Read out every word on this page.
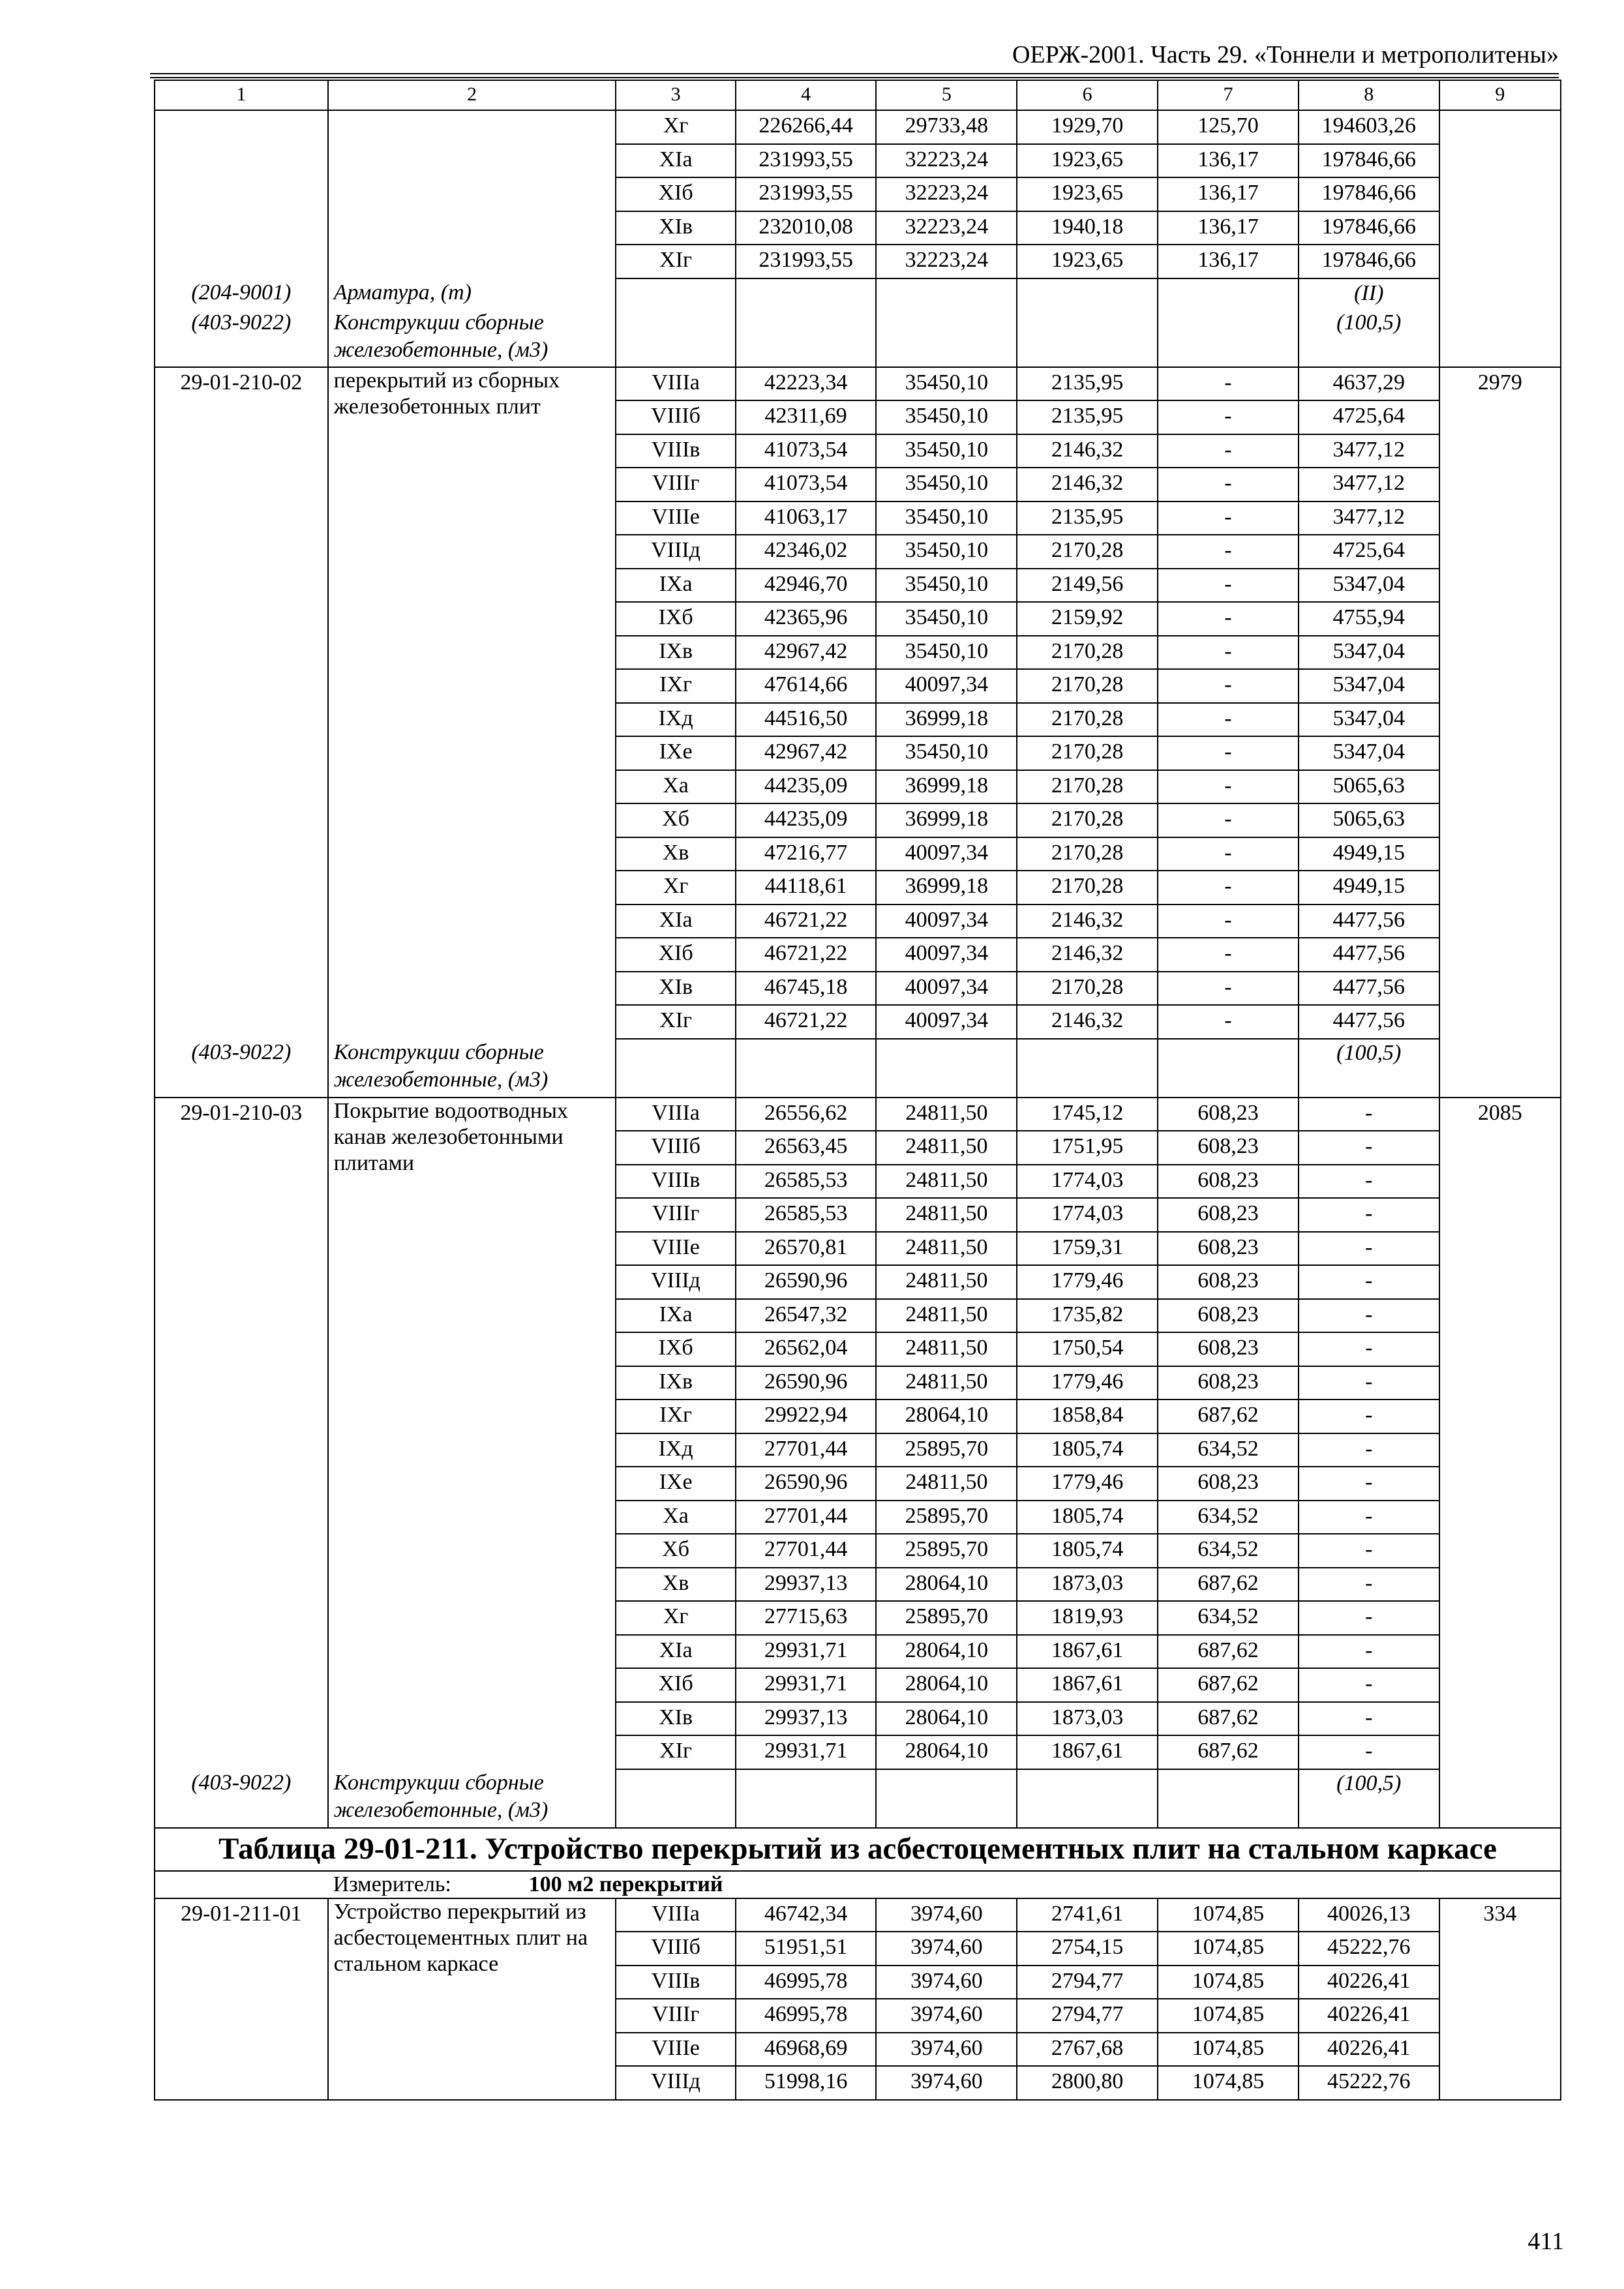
ОЕРЖ-2001. Часть 29. «Тоннели и метрополитены»
1	2	3	4	5	6	7	8	9
		Xг	226266,44	29733,48	1929,70	125,70	194603,26	
		XIа	231993,55	32223,24	1923,65	136,17	197846,66	
		XIб	231993,55	32223,24	1923,65	136,17	197846,66	
		XIв	232010,08	32223,24	1940,18	136,17	197846,66	
		XIг	231993,55	32223,24	1923,65	136,17	197846,66	
(204-9001)	Арматура, (т)						(II)	
(403-9022)	Конструкции сборные железобетонные, (м3)						(100,5)	
29-01-210-02	перекрытий из сборных железобетонных плит	VIIIа	42223,34	35450,10	2135,95	-	4637,29	2979
		VIIIб	42311,69	35450,10	2135,95	-	4725,64	
		VIIIв	41073,54	35450,10	2146,32	-	3477,12	
		VIIIг	41073,54	35450,10	2146,32	-	3477,12	
		VIIIе	41063,17	35450,10	2135,95	-	3477,12	
		VIIIд	42346,02	35450,10	2170,28	-	4725,64	
		IXа	42946,70	35450,10	2149,56	-	5347,04	
		IXб	42365,96	35450,10	2159,92	-	4755,94	
		IXв	42967,42	35450,10	2170,28	-	5347,04	
		IXг	47614,66	40097,34	2170,28	-	5347,04	
		IXд	44516,50	36999,18	2170,28	-	5347,04	
		IXе	42967,42	35450,10	2170,28	-	5347,04	
		Xа	44235,09	36999,18	2170,28	-	5065,63	
		Xб	44235,09	36999,18	2170,28	-	5065,63	
		Xв	47216,77	40097,34	2170,28	-	4949,15	
		Xг	44118,61	36999,18	2170,28	-	4949,15	
		XIа	46721,22	40097,34	2146,32	-	4477,56	
		XIб	46721,22	40097,34	2146,32	-	4477,56	
		XIв	46745,18	40097,34	2170,28	-	4477,56	
		XIг	46721,22	40097,34	2146,32	-	4477,56	
(403-9022)	Конструкции сборные железобетонные, (м3)						(100,5)	
29-01-210-03	Покрытие водоотводных канав железобетонными плитами	VIIIа	26556,62	24811,50	1745,12	608,23	-	2085
		VIIIб	26563,45	24811,50	1751,95	608,23	-	
		VIIIв	26585,53	24811,50	1774,03	608,23	-	
		VIIIг	26585,53	24811,50	1774,03	608,23	-	
		VIIIе	26570,81	24811,50	1759,31	608,23	-	
		VIIIд	26590,96	24811,50	1779,46	608,23	-	
		IXа	26547,32	24811,50	1735,82	608,23	-	
		IXб	26562,04	24811,50	1750,54	608,23	-	
		IXв	26590,96	24811,50	1779,46	608,23	-	
		IXг	29922,94	28064,10	1858,84	687,62	-	
		IXд	27701,44	25895,70	1805,74	634,52	-	
		IXе	26590,96	24811,50	1779,46	608,23	-	
		Xа	27701,44	25895,70	1805,74	634,52	-	
		Xб	27701,44	25895,70	1805,74	634,52	-	
		Xв	29937,13	28064,10	1873,03	687,62	-	
		Xг	27715,63	25895,70	1819,93	634,52	-	
		XIа	29931,71	28064,10	1867,61	687,62	-	
		XIб	29931,71	28064,10	1867,61	687,62	-	
		XIв	29937,13	28064,10	1873,03	687,62	-	
		XIг	29931,71	28064,10	1867,61	687,62	-	
(403-9022)	Конструкции сборные железобетонные, (м3)						(100,5)	
Таблица 29-01-211. Устройство перекрытий из асбестоцементных плит на стальном каркасе								
	Измеритель: 100 м2 перекрытий							
29-01-211-01	Устройство перекрытий из асбестоцементных плит на стальном каркасе	VIIIа	46742,34	3974,60	2741,61	1074,85	40026,13	334
		VIIIб	51951,51	3974,60	2754,15	1074,85	45222,76	
		VIIIв	46995,78	3974,60	2794,77	1074,85	40226,41	
		VIIIг	46995,78	3974,60	2794,77	1074,85	40226,41	
		VIIIе	46968,69	3974,60	2767,68	1074,85	40226,41	
		VIIIд	51998,16	3974,60	2800,80	1074,85	45222,76	
411
